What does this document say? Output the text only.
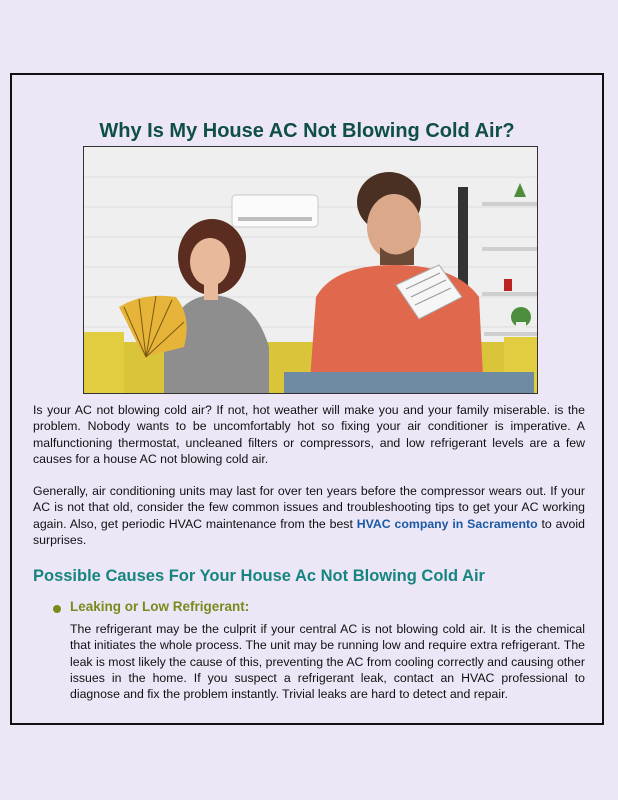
Why Is My House AC Not Blowing Cold Air?

Is your AC not blowing cold air? If not, hot weather will make you and your family miserable. is the problem. Nobody wants to be uncomfortably hot so fixing your air conditioner is imperative. A malfunctioning thermostat, uncleaned filters or compressors, and low refrigerant levels are a few causes for a house AC not blowing cold air.

Generally, air conditioning units may last for over ten years before the compressor wears out. If your AC is not that old, consider the few common issues and troubleshooting tips to get your AC working again. Also, get periodic HVAC maintenance from the best HVAC company in Sacramento to avoid surprises.

Possible Causes For Your House Ac Not Blowing Cold Air
Leaking or Low Refrigerant:

The refrigerant may be the culprit if your central AC is not blowing cold air. It is the chemical that initiates the whole process. The unit may be running low and require extra refrigerant. The leak is most likely the cause of this, preventing the AC from cooling correctly and causing other issues in the home. If you suspect a refrigerant leak, contact an HVAC professional to diagnose and fix the problem instantly. Trivial leaks are hard to detect and repair.
